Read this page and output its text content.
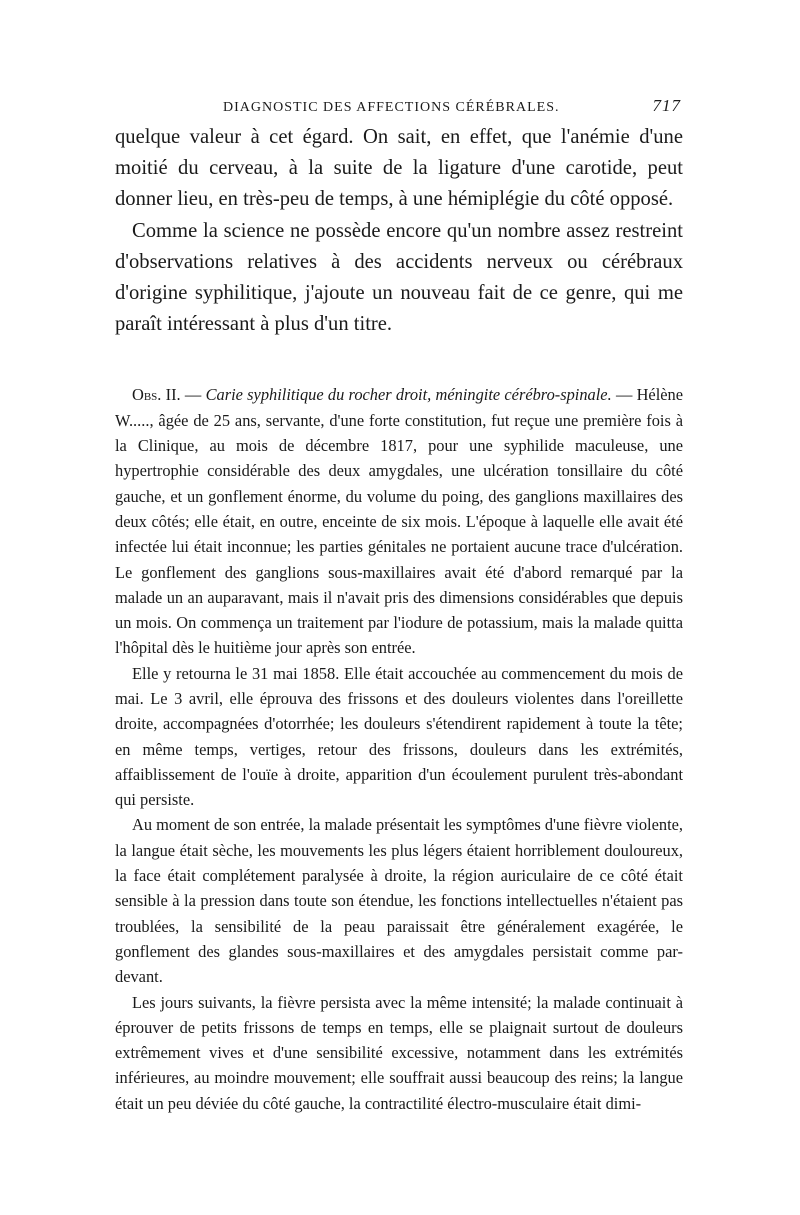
DIAGNOSTIC DES AFFECTIONS CÉRÉBRALES.	717

quelque valeur à cet égard. On sait, en effet, que l'anémie d'une moitié du cerveau, à la suite de la ligature d'une carotide, peut donner lieu, en très-peu de temps, à une hémiplégie du côté opposé.

Comme la science ne possède encore qu'un nombre assez restreint d'observations relatives à des accidents nerveux ou cérébraux d'origine syphilitique, j'ajoute un nouveau fait de ce genre, qui me paraît intéressant à plus d'un titre.

Obs. II. — Carie syphilitique du rocher droit, méningite cérébro-spinale. — Hélène W....., âgée de 25 ans, servante, d'une forte constitution, fut reçue une première fois à la Clinique, au mois de décembre 1817, pour une syphilide maculeuse, une hypertrophie considérable des deux amygdales, une ulcération tonsillaire du côté gauche, et un gonflement énorme, du volume du poing, des ganglions maxillaires des deux côtés; elle était, en outre, enceinte de six mois. L'époque à laquelle elle avait été infectée lui était inconnue; les parties génitales ne portaient aucune trace d'ulcération. Le gonflement des ganglions sous-maxillaires avait été d'abord remarqué par la malade un an auparavant, mais il n'avait pris des dimensions considérables que depuis un mois. On commença un traitement par l'iodure de potassium, mais la malade quitta l'hôpital dès le huitième jour après son entrée.

Elle y retourna le 31 mai 1858. Elle était accouchée au commencement du mois de mai. Le 3 avril, elle éprouva des frissons et des douleurs violentes dans l'oreillette droite, accompagnées d'otorrhée; les douleurs s'étendirent rapidement à toute la tête; en même temps, vertiges, retour des frissons, douleurs dans les extrémités, affaiblissement de l'ouïe à droite, apparition d'un écoulement purulent très-abondant qui persiste.

Au moment de son entrée, la malade présentait les symptômes d'une fièvre violente, la langue était sèche, les mouvements les plus légers étaient horriblement douloureux, la face était complétement paralysée à droite, la région auriculaire de ce côté était sensible à la pression dans toute son étendue, les fonctions intellectuelles n'étaient pas troublées, la sensibilité de la peau paraissait être généralement exagérée, le gonflement des glandes sous-maxillaires et des amygdales persistait comme par-devant.

Les jours suivants, la fièvre persista avec la même intensité; la malade continuait à éprouver de petits frissons de temps en temps, elle se plaignait surtout de douleurs extrêmement vives et d'une sensibilité excessive, notamment dans les extrémités inférieures, au moindre mouvement; elle souffrait aussi beaucoup des reins; la langue était un peu déviée du côté gauche, la contractilité électro-musculaire était dimi-
